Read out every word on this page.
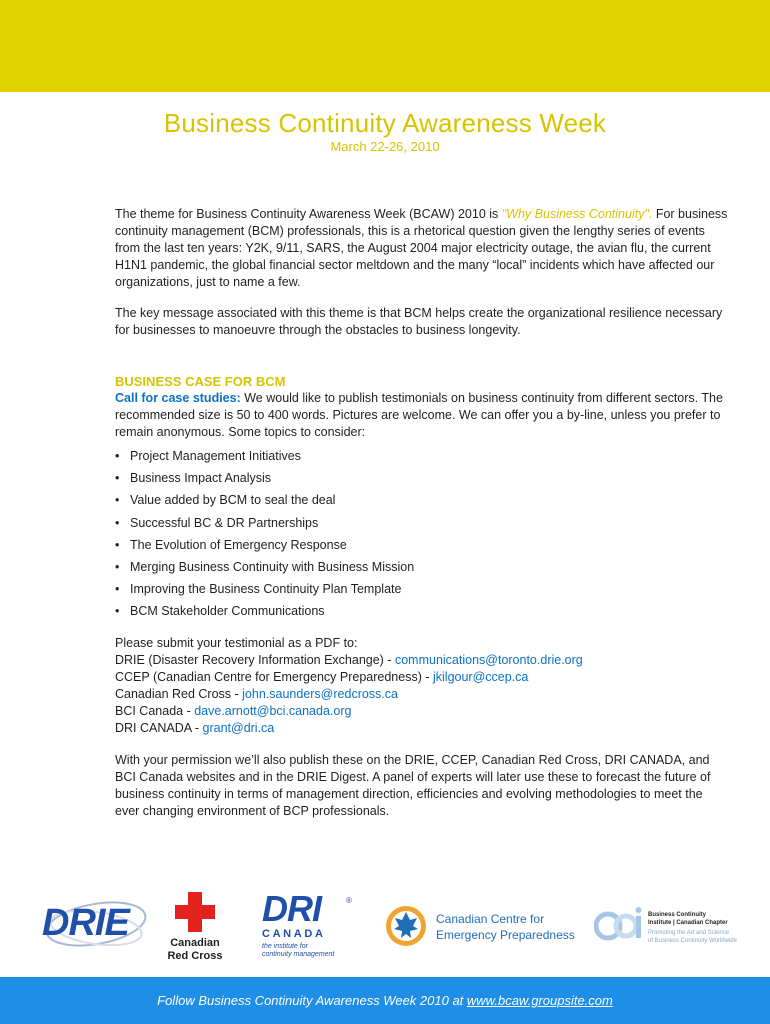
Business Continuity Awareness Week
March 22-26, 2010

The theme for Business Continuity Awareness Week (BCAW) 2010 is "Why Business Continuity". For business continuity management (BCM) professionals, this is a rhetorical question given the lengthy series of events from the last ten years: Y2K, 9/11, SARS, the August 2004 major electricity outage, the avian flu, the current H1N1 pandemic, the global financial sector meltdown and the many “local” incidents which have affected our organizations, just to name a few.

The key message associated with this theme is that BCM helps create the organizational resilience necessary for businesses to manoeuvre through the obstacles to business longevity.

BUSINESS CASE FOR BCM

Call for case studies: We would like to publish testimonials on business continuity from different sectors. The recommended size is 50 to 400 words. Pictures are welcome. We can offer you a by-line, unless you prefer to remain anonymous. Some topics to consider:

• Project Management Initiatives
• Business Impact Analysis
• Value added by BCM to seal the deal
• Successful BC & DR Partnerships
• The Evolution of Emergency Response
• Merging Business Continuity with Business Mission
• Improving the Business Continuity Plan Template
• BCM Stakeholder Communications
Please submit your testimonial as a PDF to:
DRIE (Disaster Recovery Information Exchange) - communications@toronto.drie.org
CCEP (Canadian Centre for Emergency Preparedness) - jkilgour@ccep.ca
Canadian Red Cross - john.saunders@redcross.ca
BCI Canada - dave.arnott@bci.canada.org
DRI CANADA - grant@dri.ca

With your permission we’ll also publish these on the DRIE, CCEP, Canadian Red Cross, DRI CANADA, and BCI Canada websites and in the DRIE Digest. A panel of experts will later use these to forecast the future of business continuity in terms of management direction, efficiencies and evolving methodologies to meet the ever changing environment of BCP professionals.

DRIE	Canadian
Red Cross
DRI	®
C A N A D A
the institute for
continuity management
Canadian Centre for
Emergency Preparedness
Business Continuity
Institute | Canadian Chapter
Promoting the Art and Science
of Business Continuity Worldwide
Follow Business Continuity Awareness Week 2010 at www.bcaw.groupsite.com
